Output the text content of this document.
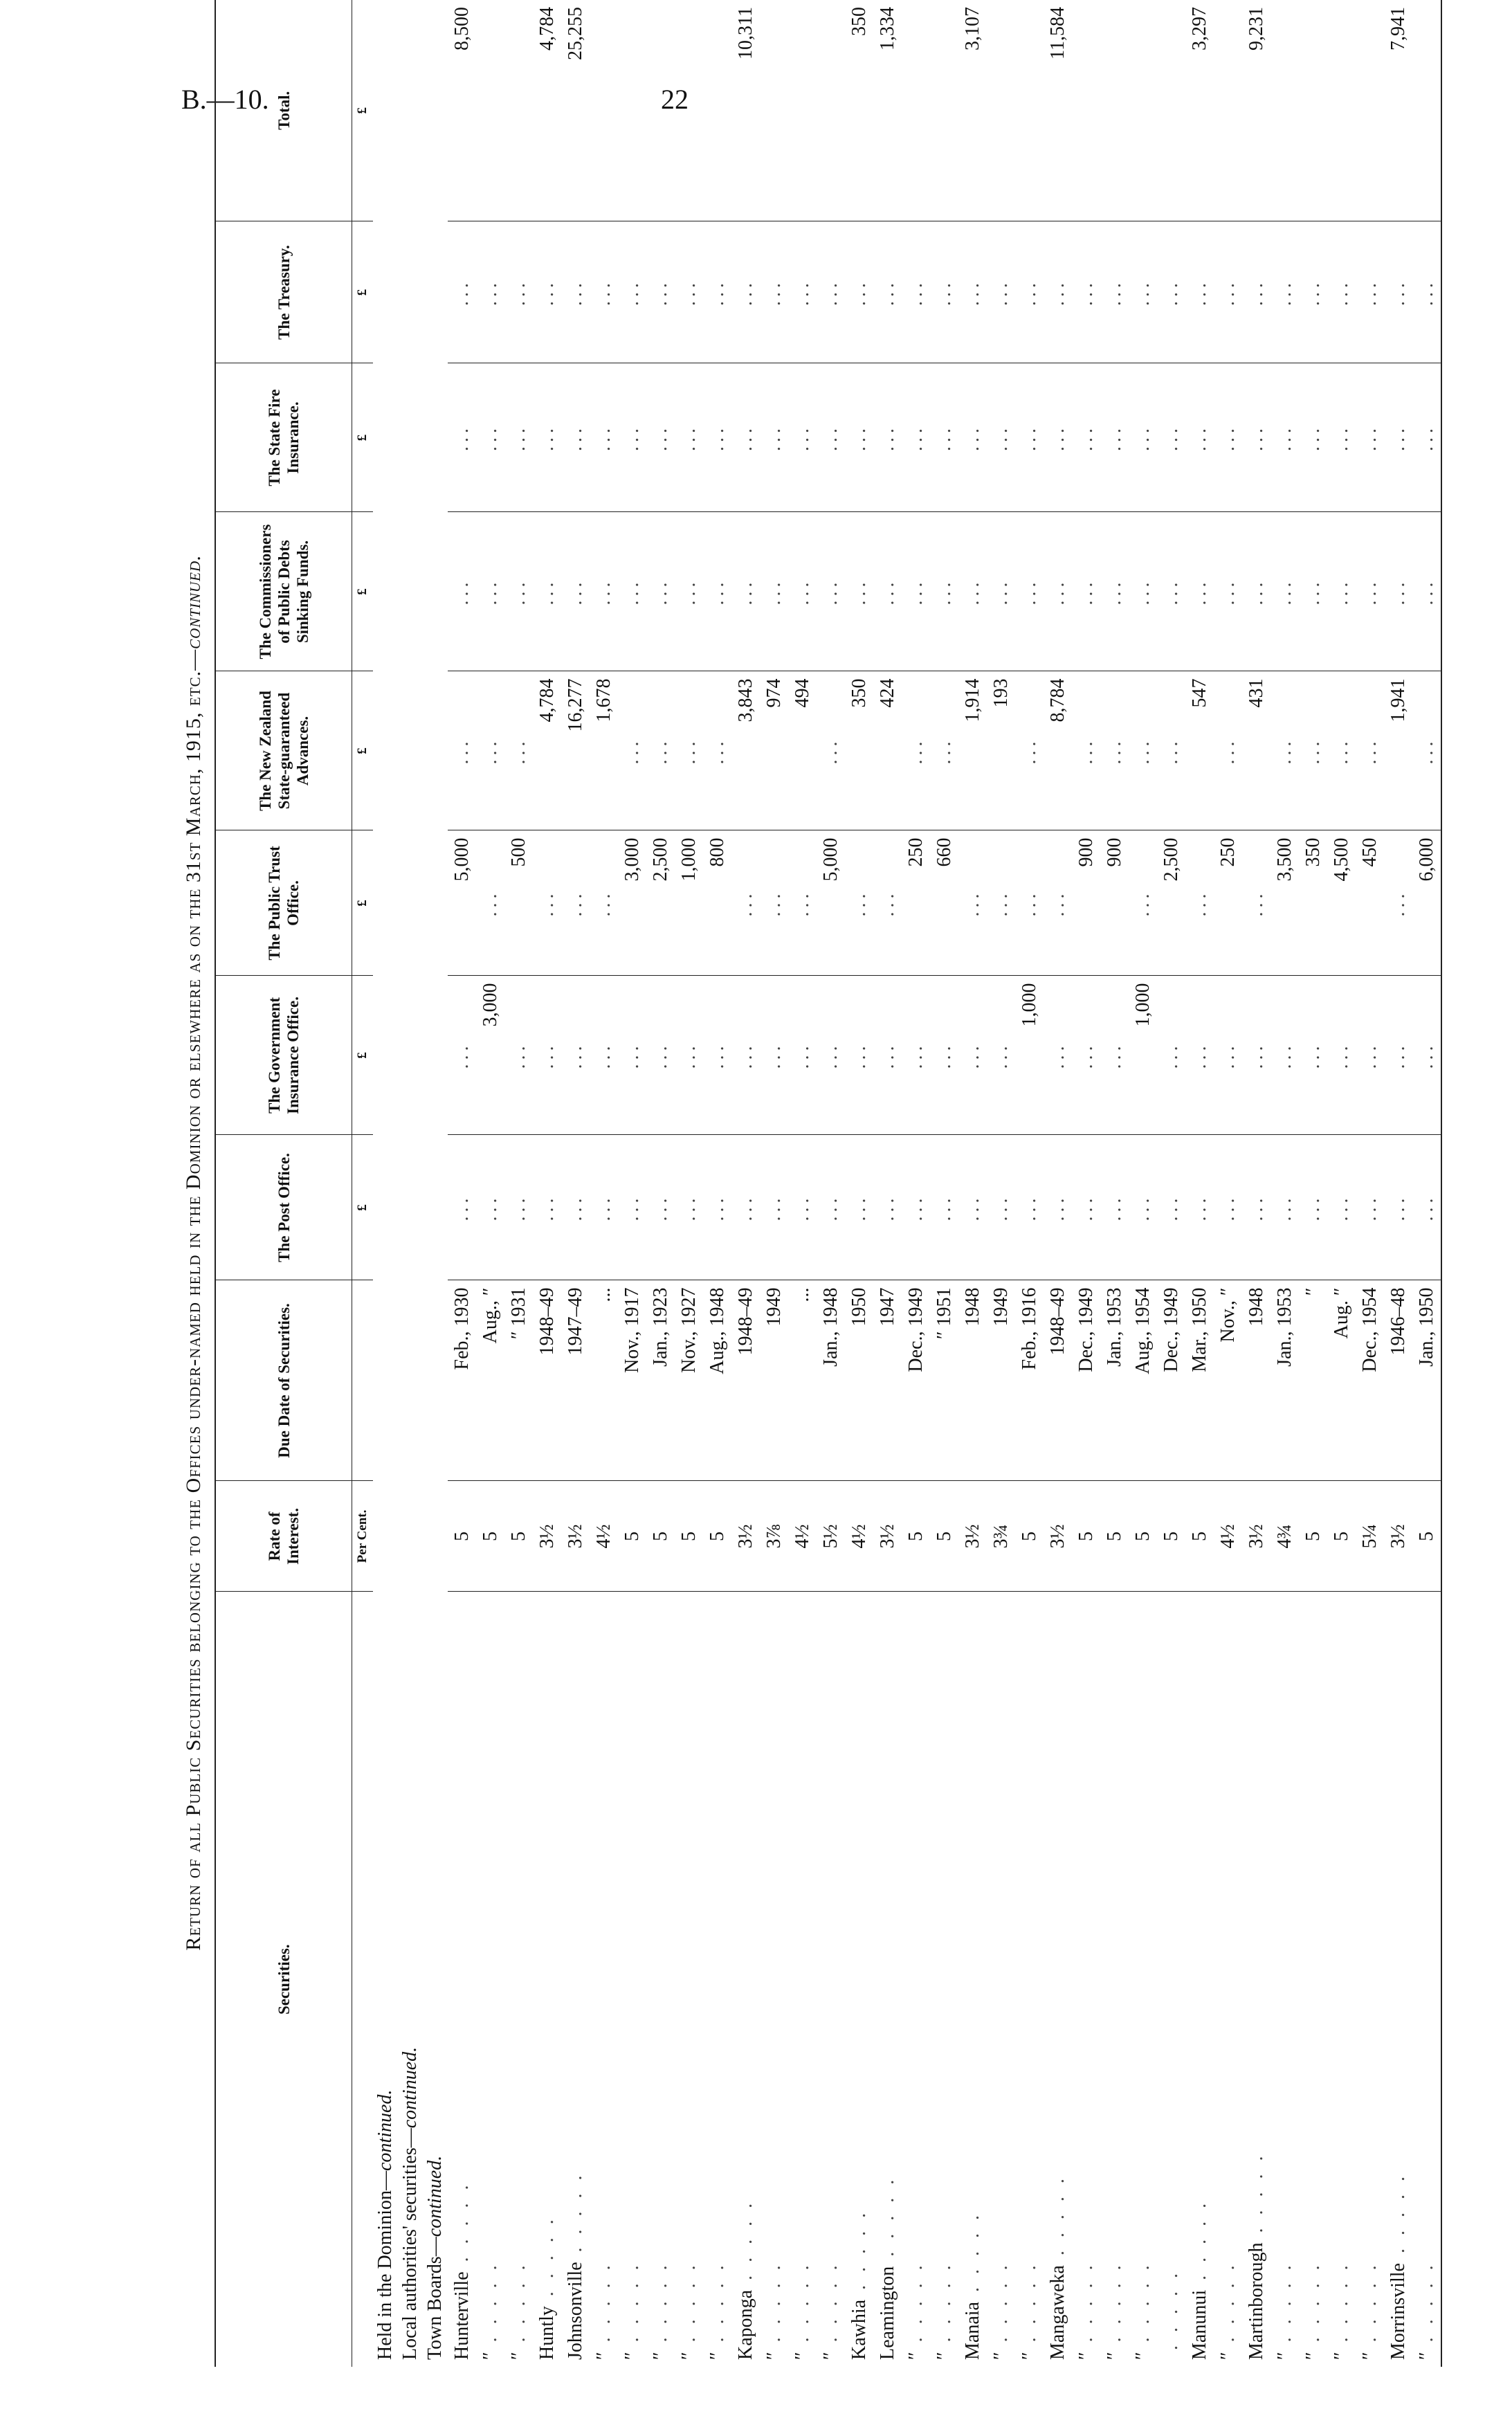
B.—10.	22
Return of all Public Securities belonging to the Offices under-named held in the Dominion or elsewhere as on the 31st March, 1915, etc.—continued.
Securities.	Rate of Interest.	Due Date of Securities.	The Post Office.	The Government Insurance Office.	The Public Trust Office.	The New Zealand State-guaranteed Advances.	The Commissioners of Public Debts Sinking Funds.	The State Fire Insurance.	The Treasury.	Total.
	Per Cent.		£	£	£	£	£	£	£	£
Held in the Dominion—continued.										
Local authorities' securities—continued.										
Town Boards—continued.										
Hunterville. . . . .	5	Feb., 1930	...	...	5,000	...	...	...	...	8,500
″. . . . .	5	Aug., ″	...	3,000	...	...	...	...	...	
″. . . . .	5	″ 1931	...	...	500	...	...	...	...	
Huntly. . . . .	3½	1948–49	...	...	...	4,784	...	...	...	4,784
Johnsonville. . . . .	3½	1947–49	...	...	...	16,277	...	...	...	25,255
″. . . . .	4½	...	...	...	...	1,678	...	...	...	
″. . . . .	5	Nov., 1917	...	...	3,000	...	...	...	...	
″. . . . .	5	Jan., 1923	...	...	2,500	...	...	...	...	
″. . . . .	5	Nov., 1927	...	...	1,000	...	...	...	...	
″. . . . .	5	Aug., 1948	...	...	800	...	...	...	...	
Kaponga. . . . .	3½	1948–49	...	...	...	3,843	...	...	...	10,311
″. . . . .	3⅞	1949	...	...	...	974	...	...	...	
″. . . . .	4½	...	...	...	...	494	...	...	...	
″. . . . .	5½	Jan., 1948	...	...	5,000	...	...	...	...	
Kawhia. . . . .	4½	1950	...	...	...	350	...	...	...	350
Leamington. . . . .	3½	1947	...	...	...	424	...	...	...	1,334
″. . . . .	5	Dec., 1949	...	...	250	...	...	...	...	
″. . . . .	5	″ 1951	...	...	660	...	...	...	...	
Manaia. . . . .	3½	1948	...	...	...	1,914	...	...	...	3,107
″. . . . .	3¾	1949	...	...	...	193	...	...	...	
″. . . . .	5	Feb., 1916	...	1,000	...	...	...	...	...	
Mangaweka. . . . .	3½	1948–49	...	...	...	8,784	...	...	...	11,584
″. . . . .	5	Dec., 1949	...	...	900	...	...	...	...	
″. . . . .	5	Jan., 1953	...	...	900	...	...	...	...	
″. . . . .	5	Aug., 1954	...	1,000	...	...	...	...	...	
. . . . .	5	Dec., 1949	...	...	2,500	...	...	...	...	
Manunui. . . . .	5	Mar., 1950	...	...	...	547	...	...	...	3,297
″. . . . .	4½	Nov., ″	...	...	250	...	...	...	...	
Martinborough. . . . .	3½	1948	...	...	...	431	...	...	...	9,231
″. . . . .	4¾	Jan., 1953	...	...	3,500	...	...	...	...	
″. . . . .	5	″	...	...	350	...	...	...	...	
″. . . . .	5	Aug. ″	...	...	4,500	...	...	...	...	
″. . . . .	5¼	Dec., 1954	...	...	450	...	...	...	...	
Morrinsville. . . . .	3½	1946–48	...	...	...	1,941	...	...	...	7,941
″. . . . .	5	Jan., 1950	...	...	6,000	...	...	...	...	
